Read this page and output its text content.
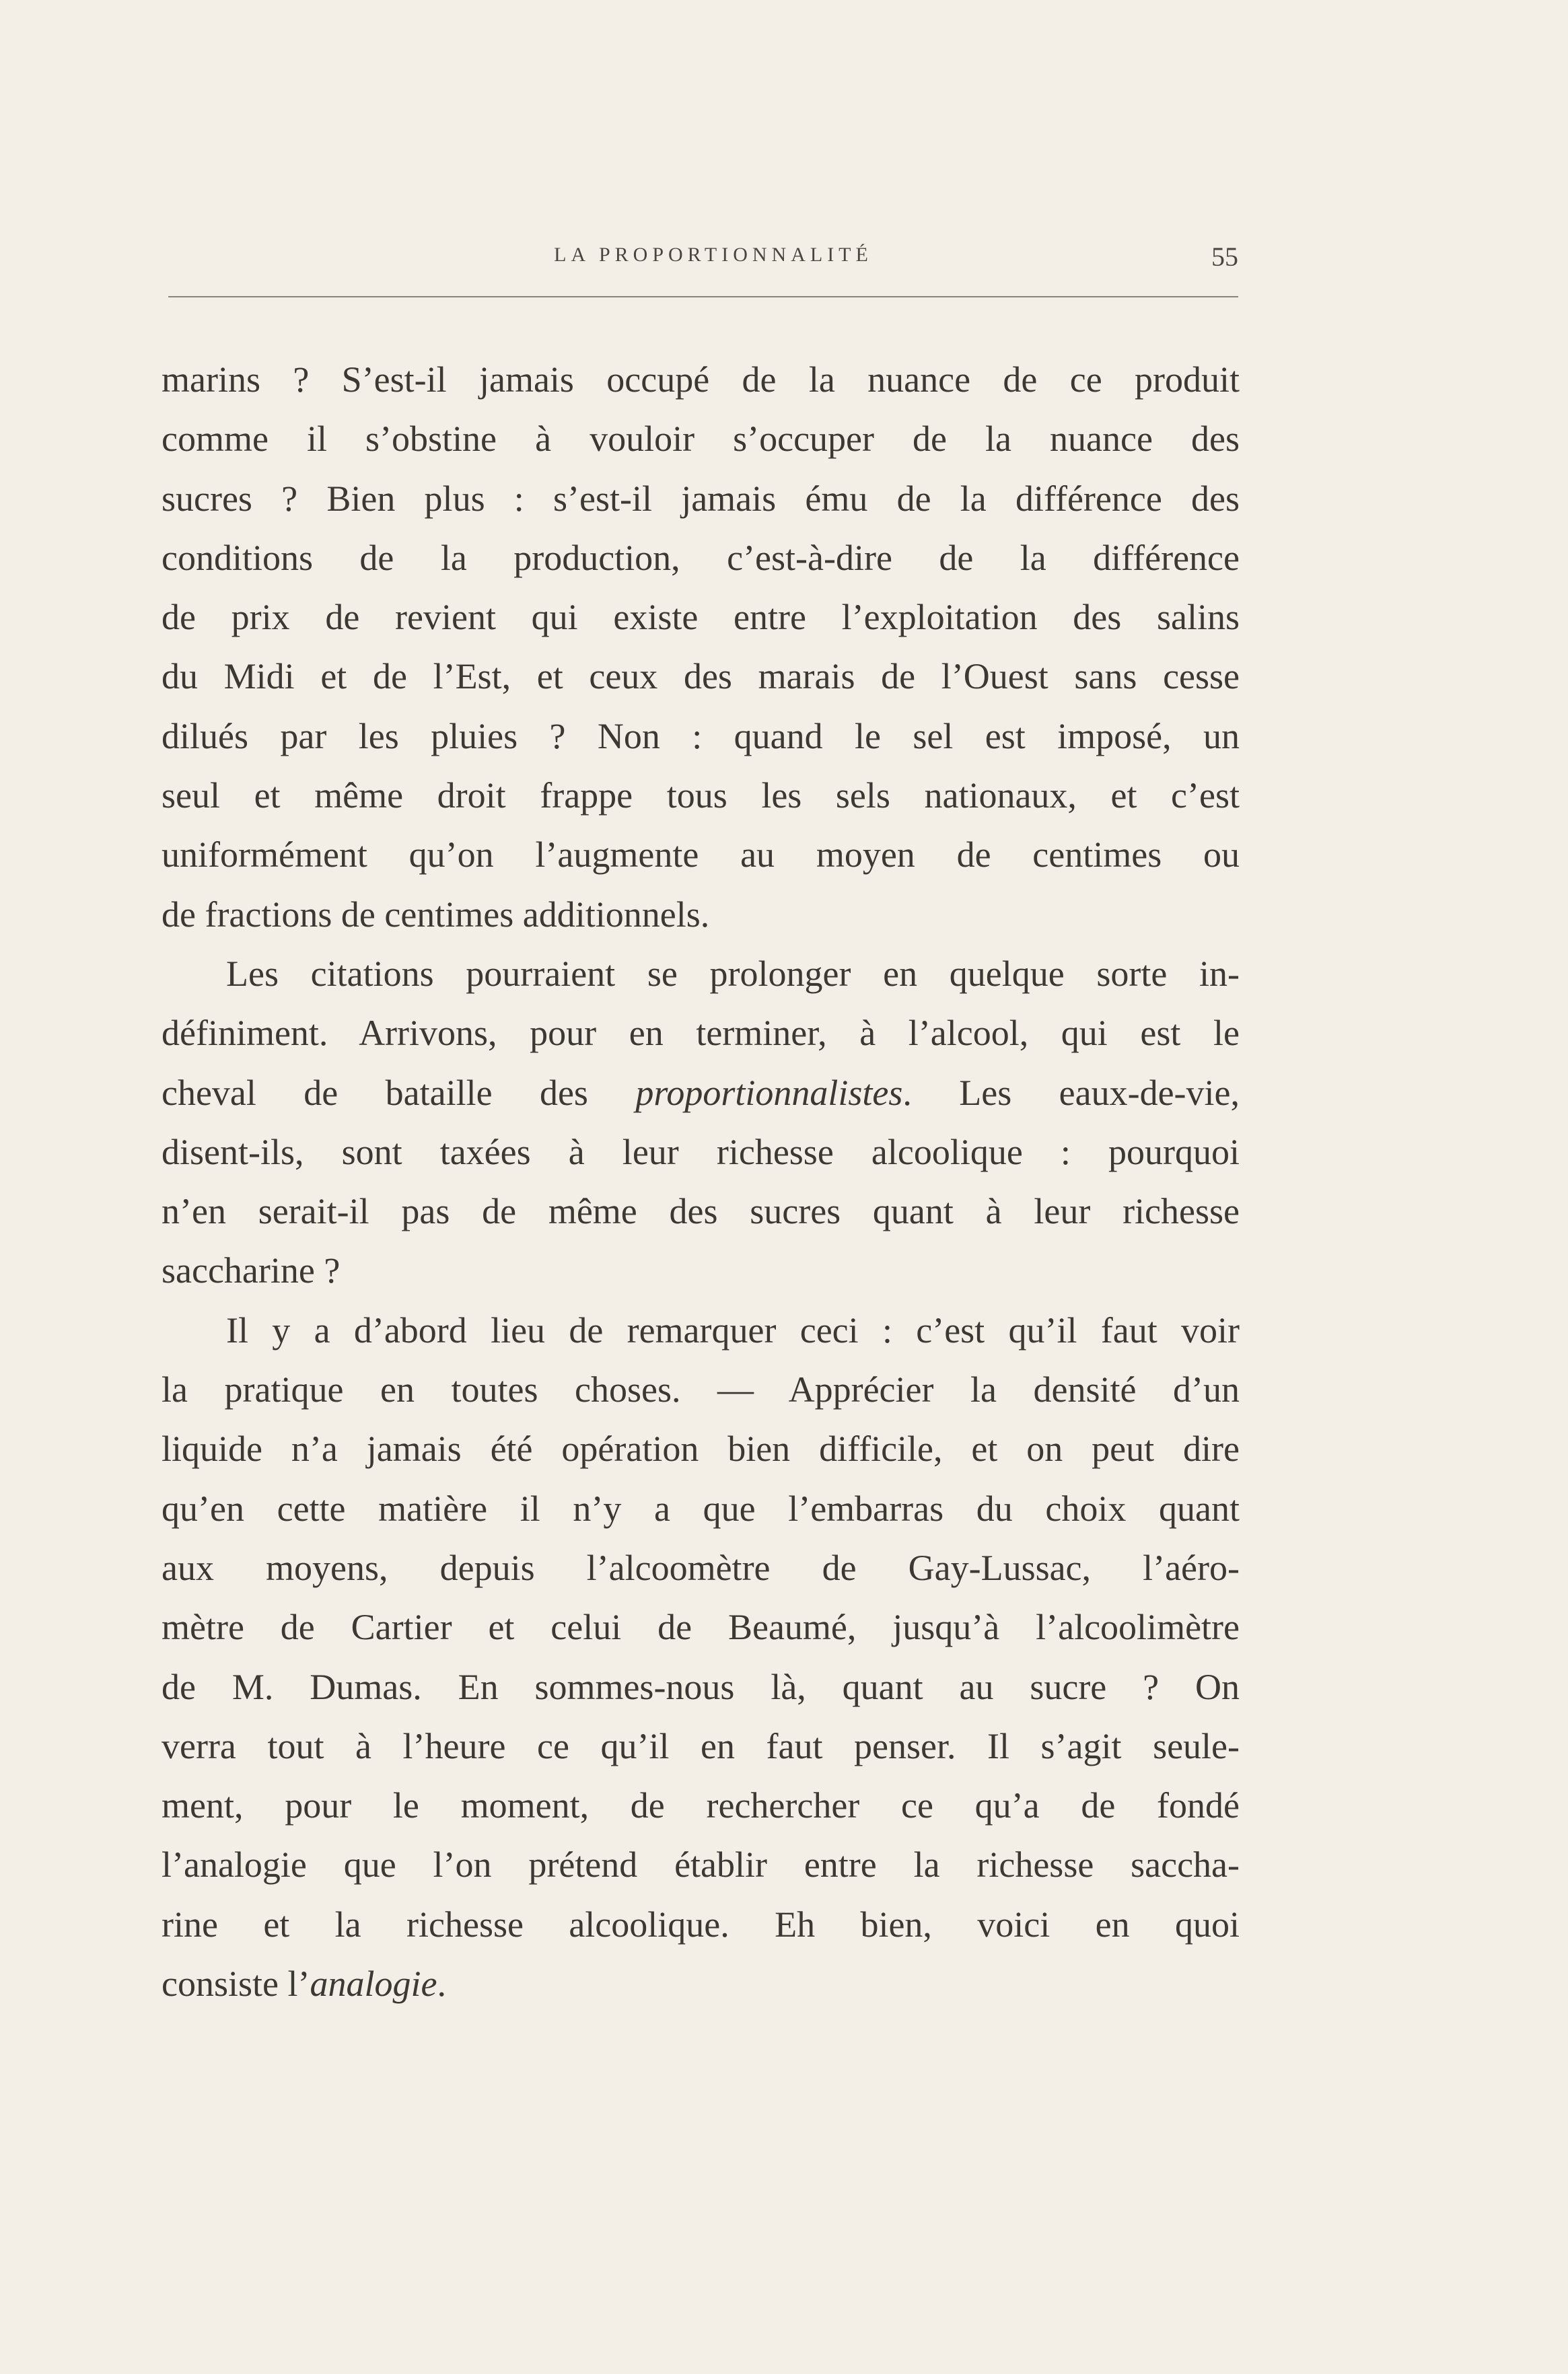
LA PROPORTIONNALITÉ	55
marins ? S’est-il jamais occupé de la nuance de ce produit
comme il s’obstine à vouloir s’occuper de la nuance des
sucres ? Bien plus : s’est-il jamais ému de la différence des
conditions de la production, c’est-à-dire de la différence
de prix de revient qui existe entre l’exploitation des salins
du Midi et de l’Est, et ceux des marais de l’Ouest sans cesse
dilués par les pluies ? Non : quand le sel est imposé, un
seul et même droit frappe tous les sels nationaux, et c’est
uniformément qu’on l’augmente au moyen de centimes ou
de fractions de centimes additionnels.
Les citations pourraient se prolonger en quelque sorte in-
définiment. Arrivons, pour en terminer, à l’alcool, qui est le
cheval de bataille des proportionnalistes. Les eaux-de-vie,
disent-ils, sont taxées à leur richesse alcoolique : pourquoi
n’en serait-il pas de même des sucres quant à leur richesse
saccharine ?
Il y a d’abord lieu de remarquer ceci : c’est qu’il faut voir
la pratique en toutes choses. — Apprécier la densité d’un
liquide n’a jamais été opération bien difficile, et on peut dire
qu’en cette matière il n’y a que l’embarras du choix quant
aux moyens, depuis l’alcoomètre de Gay-Lussac, l’aéro-
mètre de Cartier et celui de Beaumé, jusqu’à l’alcoolimètre
de M. Dumas. En sommes-nous là, quant au sucre ? On
verra tout à l’heure ce qu’il en faut penser. Il s’agit seule-
ment, pour le moment, de rechercher ce qu’a de fondé
l’analogie que l’on prétend établir entre la richesse saccha-
rine et la richesse alcoolique. Eh bien, voici en quoi
consiste l’analogie.
